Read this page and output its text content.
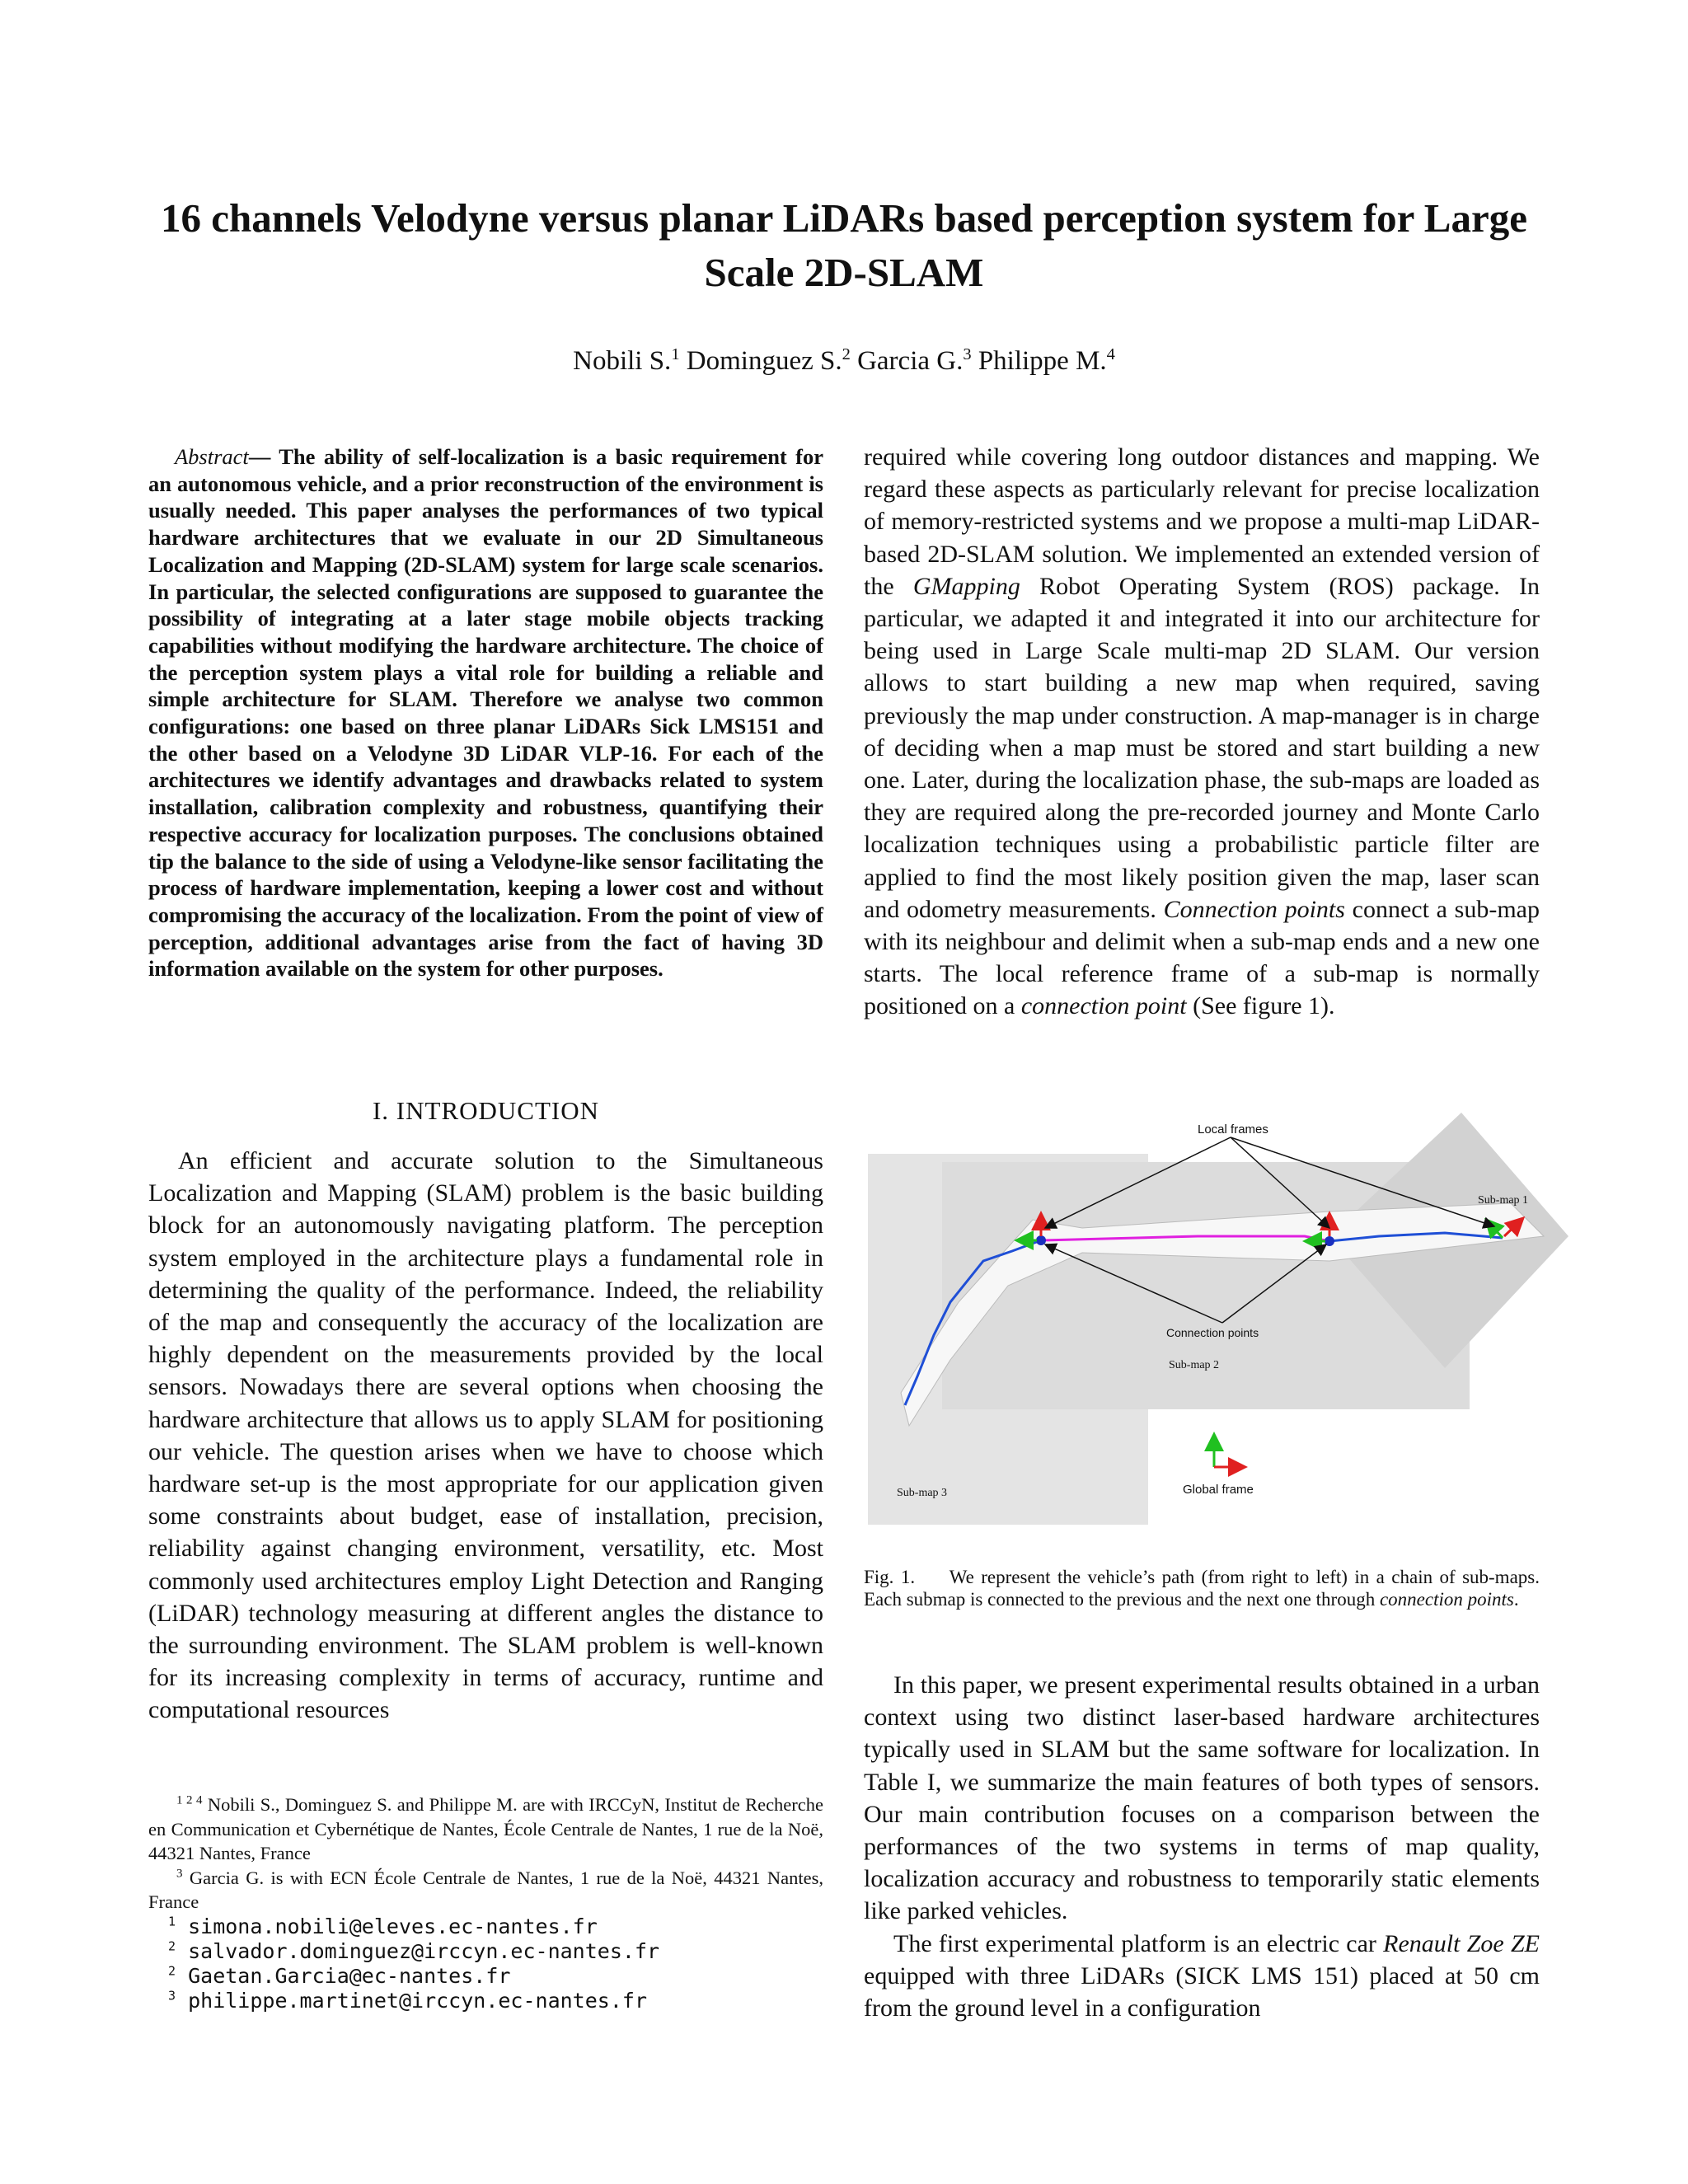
16 channels Velodyne versus planar LiDARs based perception system for Large Scale 2D-SLAM
Nobili S.$^1$ Dominguez S.$^2$ Garcia G.$^3$ Philippe M.$^4$
Abstract— The ability of self-localization is a basic requirement for an autonomous vehicle, and a prior reconstruction of the environment is usually needed. This paper analyses the performances of two typical hardware architectures that we evaluate in our 2D Simultaneous Localization and Mapping (2D-SLAM) system for large scale scenarios. In particular, the selected configurations are supposed to guarantee the possibility of integrating at a later stage mobile objects tracking capabilities without modifying the hardware architecture. The choice of the perception system plays a vital role for building a reliable and simple architecture for SLAM. Therefore we analyse two common configurations: one based on three planar LiDARs Sick LMS151 and the other based on a Velodyne 3D LiDAR VLP-16. For each of the architectures we identify advantages and drawbacks related to system installation, calibration complexity and robustness, quantifying their respective accuracy for localization purposes. The conclusions obtained tip the balance to the side of using a Velodyne-like sensor facilitating the process of hardware implementation, keeping a lower cost and without compromising the accuracy of the localization. From the point of view of perception, additional advantages arise from the fact of having 3D information available on the system for other purposes.
I. INTRODUCTION
An efficient and accurate solution to the Simultaneous Localization and Mapping (SLAM) problem is the basic building block for an autonomously navigating platform. The perception system employed in the architecture plays a fundamental role in determining the quality of the performance. Indeed, the reliability of the map and consequently the accuracy of the localization are highly dependent on the measurements provided by the local sensors. Nowadays there are several options when choosing the hardware architecture that allows us to apply SLAM for positioning our vehicle. The question arises when we have to choose which hardware set-up is the most appropriate for our application given some constraints about budget, ease of installation, precision, reliability against changing environment, versatility, etc. Most commonly used architectures employ Light Detection and Ranging (LiDAR) technology measuring at different angles the distance to the surrounding environment. The SLAM problem is well-known for its increasing complexity in terms of accuracy, runtime and computational resources

$^{1 2 4}$ Nobili S., Dominguez S. and Philippe M. are with IRCCyN, Institut de Recherche en Communication et Cybernétique de Nantes, École Centrale de Nantes, 1 rue de la Noë, 44321 Nantes, France

$^3$ Garcia G. is with ECN École Centrale de Nantes, 1 rue de la Noë, 44321 Nantes, France

$^1$ simona.nobili@eleves.ec-nantes.fr
$^2$ salvador.dominguez@irccyn.ec-nantes.fr
$^2$ Gaetan.Garcia@ec-nantes.fr
$^3$ philippe.martinet@irccyn.ec-nantes.fr
required while covering long outdoor distances and mapping. We regard these aspects as particularly relevant for precise localization of memory-restricted systems and we propose a multi-map LiDAR-based 2D-SLAM solution. We implemented an extended version of the GMapping Robot Operating System (ROS) package. In particular, we adapted it and integrated it into our architecture for being used in Large Scale multi-map 2D SLAM. Our version allows to start building a new map when required, saving previously the map under construction. A map-manager is in charge of deciding when a map must be stored and start building a new one. Later, during the localization phase, the sub-maps are loaded as they are required along the pre-recorded journey and Monte Carlo localization techniques using a probabilistic particle filter are applied to find the most likely position given the map, laser scan and odometry measurements. Connection points connect a sub-map with its neighbour and delimit when a sub-map ends and a new one starts. The local reference frame of a sub-map is normally positioned on a connection point (See figure 1).
Local frames
Sub-map 1
Connection points
Sub-map 2
Sub-map 3	Global frame
Fig. 1. We represent the vehicle’s path (from right to left) in a chain of sub-maps. Each submap is connected to the previous and the next one through connection points.

In this paper, we present experimental results obtained in a urban context using two distinct laser-based hardware architectures typically used in SLAM but the same software for localization. In Table I, we summarize the main features of both types of sensors. Our main contribution focuses on a comparison between the performances of the two systems in terms of map quality, localization accuracy and robustness to temporarily static elements like parked vehicles.

The first experimental platform is an electric car Renault Zoe ZE equipped with three LiDARs (SICK LMS 151) placed at 50 cm from the ground level in a configuration
